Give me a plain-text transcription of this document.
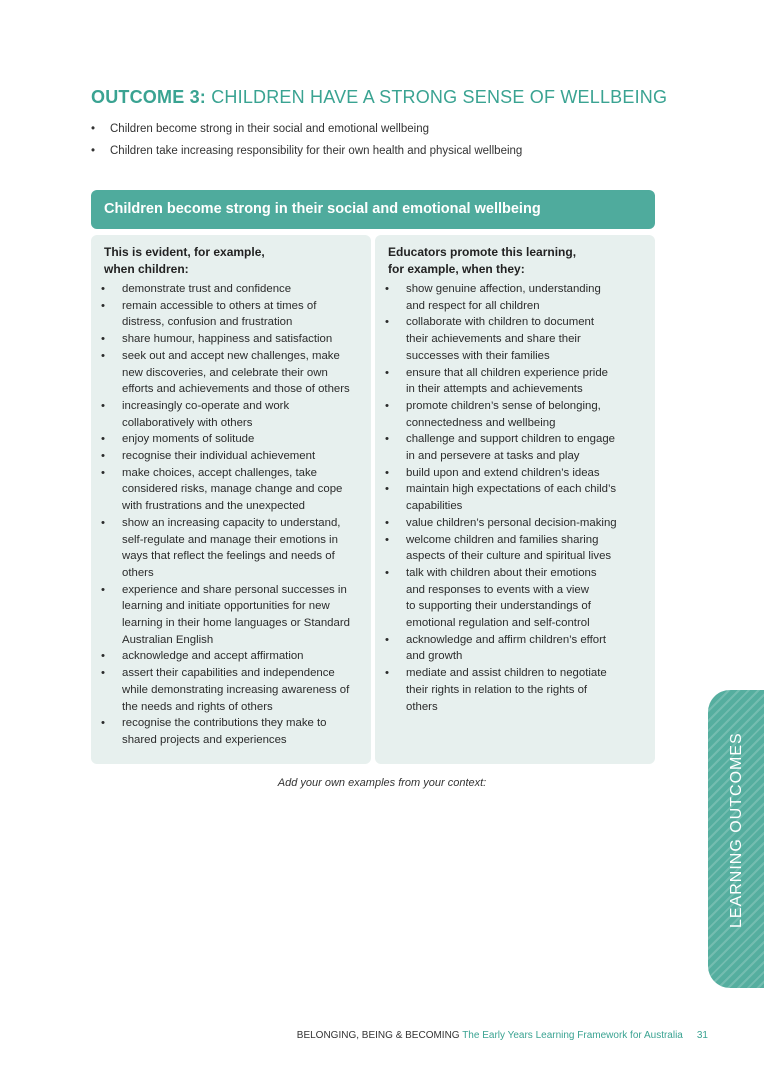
OUTCOME 3: CHILDREN HAVE A STRONG SENSE OF WELLBEING
• Children become strong in their social and emotional wellbeing
• Children take increasing responsibility for their own health and physical wellbeing
Children become strong in their social and emotional wellbeing
This is evident, for example,
when children:
• demonstrate trust and confidence
• remain accessible to others at times of
distress, confusion and frustration
• share humour, happiness and satisfaction
• seek out and accept new challenges, make
new discoveries, and celebrate their own
efforts and achievements and those of others
• increasingly co-operate and work
collaboratively with others
• enjoy moments of solitude
• recognise their individual achievement
• make choices, accept challenges, take
considered risks, manage change and cope
with frustrations and the unexpected
• show an increasing capacity to understand,
self-regulate and manage their emotions in
ways that reflect the feelings and needs of
others
• experience and share personal successes in
learning and initiate opportunities for new
learning in their home languages or Standard
Australian English
• acknowledge and accept affirmation
• assert their capabilities and independence
while demonstrating increasing awareness of
the needs and rights of others
• recognise the contributions they make to
shared projects and experiences
Educators promote this learning,
for example, when they:
• show genuine affection, understanding
and respect for all children
• collaborate with children to document
their achievements and share their
successes with their families
• ensure that all children experience pride
in their attempts and achievements
• promote children’s sense of belonging,
connectedness and wellbeing
• challenge and support children to engage
in and persevere at tasks and play
• build upon and extend children’s ideas
• maintain high expectations of each child’s
capabilities
• value children’s personal decision-making
• welcome children and families sharing
aspects of their culture and spiritual lives
• talk with children about their emotions
and responses to events with a view
to supporting their understandings of
emotional regulation and self-control
• acknowledge and affirm children’s effort
and growth
• mediate and assist children to negotiate
their rights in relation to the rights of
others
Add your own examples from your context:	LEARNING OUTCOMES
BELONGING, BEING & BECOMING The Early Years Learning Framework for Australia 31
